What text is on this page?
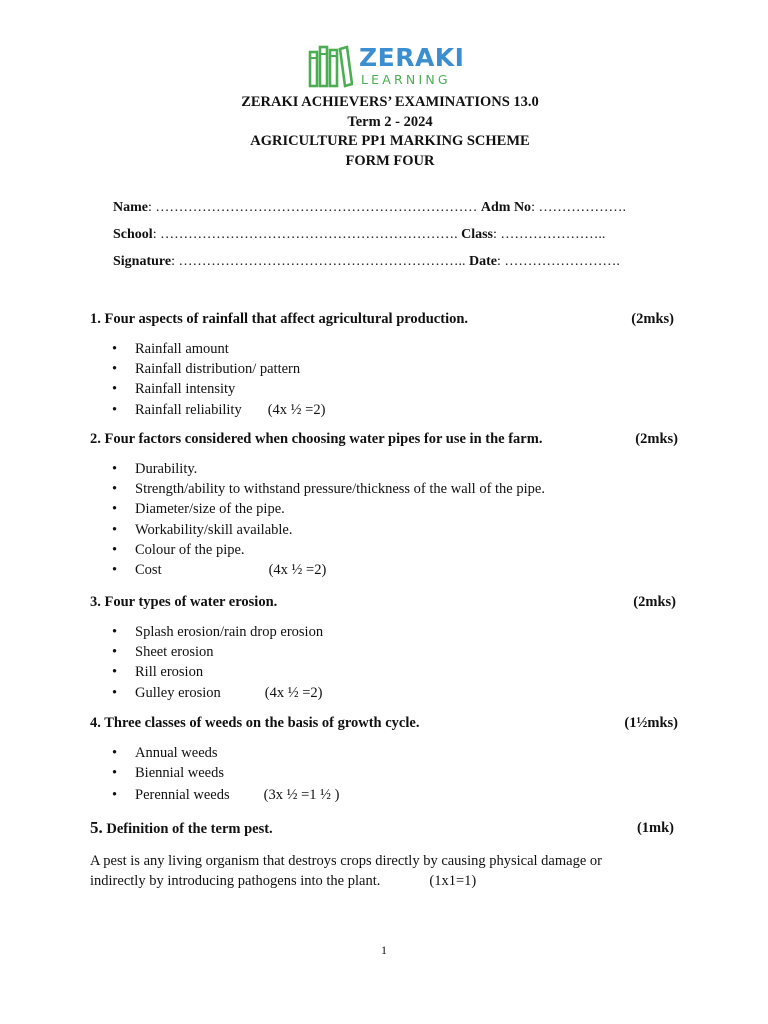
ZERAKI
LEARNING
ZERAKI ACHIEVERS’ EXAMINATIONS 13.0
Term 2 - 2024
AGRICULTURE PP1 MARKING SCHEME
FORM FOUR
Name: …………………………………………………………… Adm No: ……………….
School: ………………………………………………………. Class: …………………..
Signature: …………………………………………………….. Date: …………………….
1. Four aspects of rainfall that affect agricultural production.	(2mks)
• Rainfall amount
• Rainfall distribution/ pattern
• Rainfall intensity
• Rainfall reliability (4x ½ =2)
2. Four factors considered when choosing water pipes for use in the farm.	(2mks)
• Durability.
• Strength/ability to withstand pressure/thickness of the wall of the pipe.
• Diameter/size of the pipe.
• Workability/skill available.
• Colour of the pipe.
• Cost	(4x ½ =2)
3. Four types of water erosion.	(2mks)
• Splash erosion/rain drop erosion
• Sheet erosion
• Rill erosion
• Gulley erosion	(4x ½ =2)
4. Three classes of weeds on the basis of growth cycle.	(1½mks)
• Annual weeds
• Biennial weeds
• Perennial weeds (3x ½ =1 ½ )
5. Definition of the term pest.	(1mk)
A pest is any living organism that destroys crops directly by causing physical damage or
indirectly by introducing pathogens into the plant.	(1x1=1)
1
